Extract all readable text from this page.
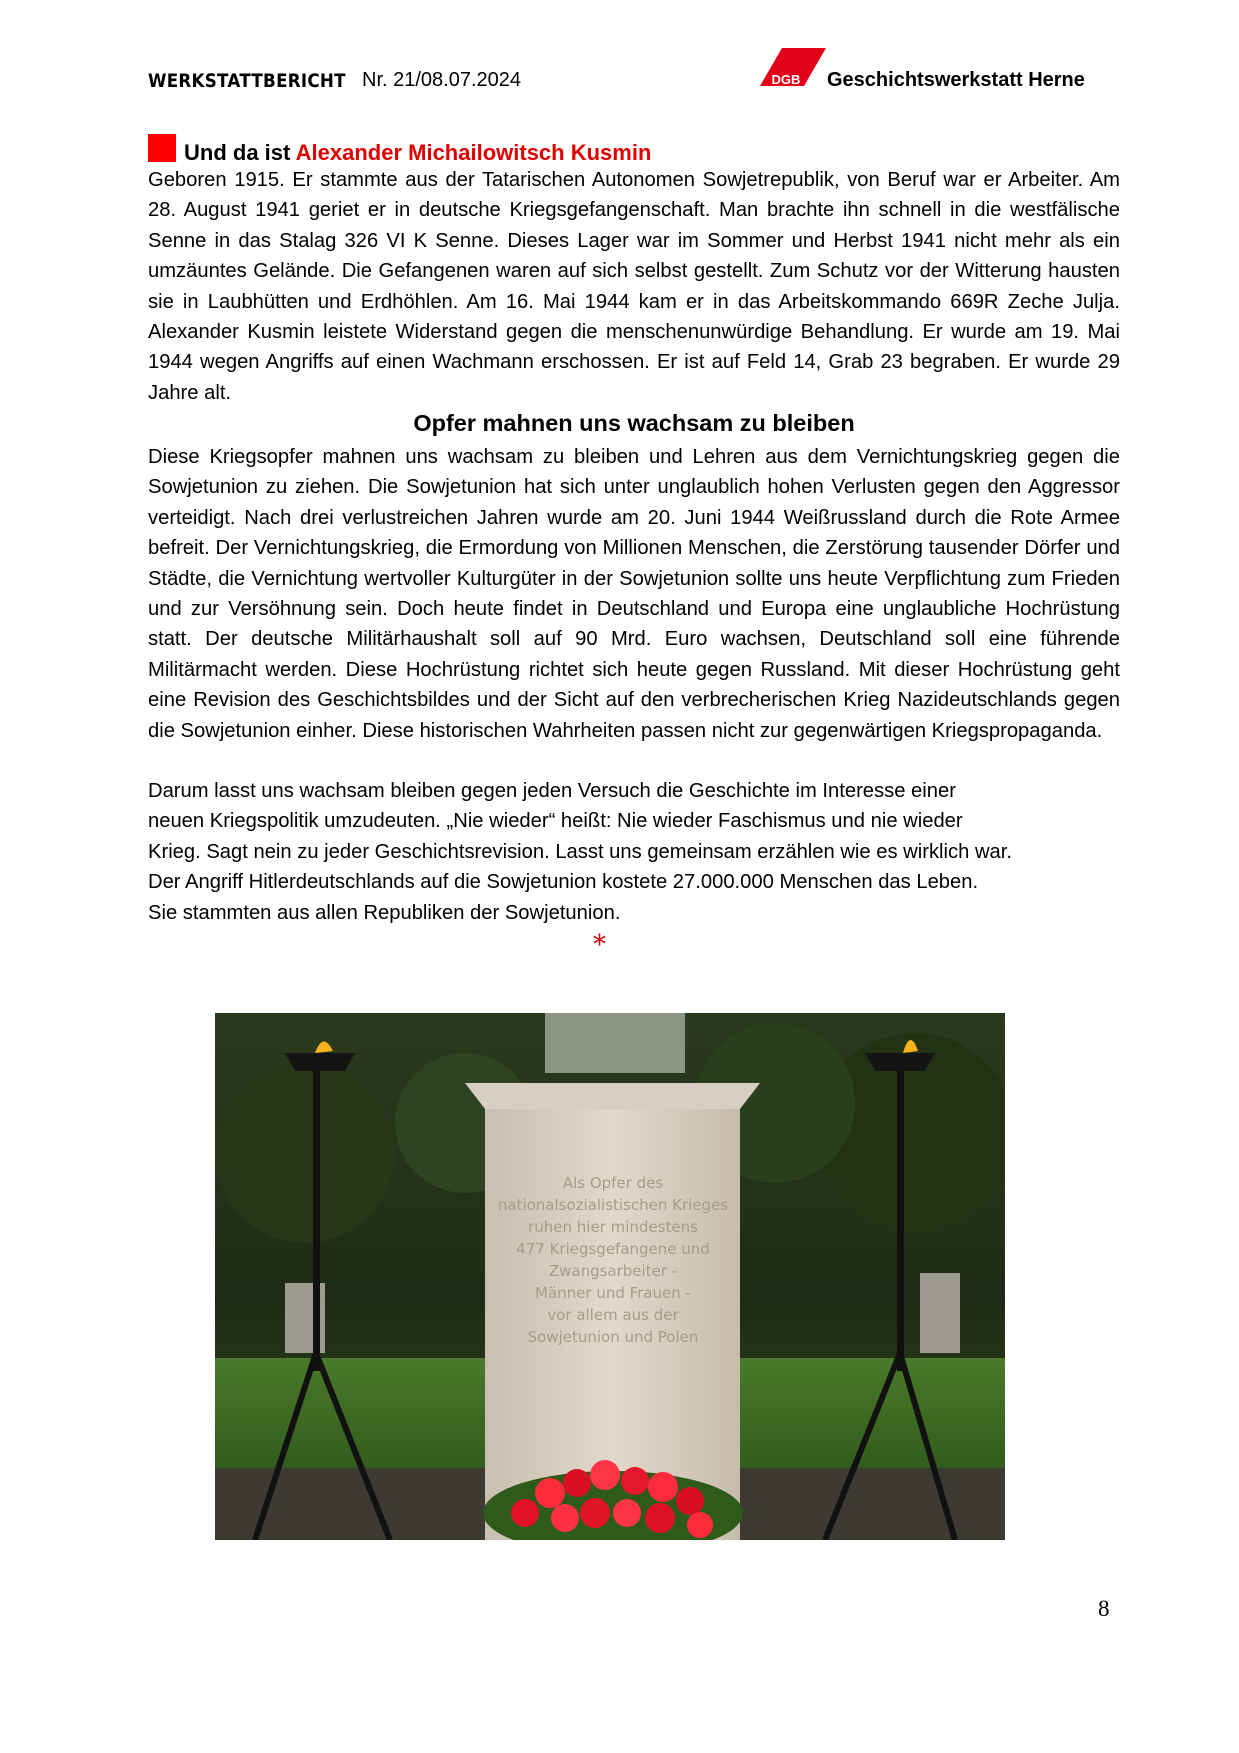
WERKSTATTBERICHT Nr. 21/08.07.2024	DGB Geschichtswerkstatt Herne
Und da ist Alexander Michailowitsch Kusmin
Geboren 1915. Er stammte aus der Tatarischen Autonomen Sowjetrepublik, von Beruf war er Arbeiter. Am 28. August 1941 geriet er in deutsche Kriegsgefangenschaft. Man brachte ihn schnell in die westfälische Senne in das Stalag 326 VI K Senne. Dieses Lager war im Sommer und Herbst 1941 nicht mehr als ein umzäuntes Gelände. Die Gefangenen waren auf sich selbst gestellt. Zum Schutz vor der Witterung hausten sie in Laubhütten und Erdhöhlen. Am 16. Mai 1944 kam er in das Arbeitskommando 669R Zeche Julja. Alexander Kusmin leistete Widerstand gegen die menschenunwürdige Behandlung. Er wurde am 19. Mai 1944 wegen Angriffs auf einen Wachmann erschossen. Er ist auf Feld 14, Grab 23 begraben. Er wurde 29 Jahre alt.
Opfer mahnen uns wachsam zu bleiben
Diese Kriegsopfer mahnen uns wachsam zu bleiben und Lehren aus dem Vernichtungskrieg gegen die Sowjetunion zu ziehen. Die Sowjetunion hat sich unter unglaublich hohen Verlusten gegen den Aggressor verteidigt. Nach drei verlustreichen Jahren wurde am 20. Juni 1944 Weißrussland durch die Rote Armee befreit. Der Vernichtungskrieg, die Ermordung von Millionen Menschen, die Zerstörung tausender Dörfer und Städte, die Vernichtung wertvoller Kulturgüter in der Sowjetunion sollte uns heute Verpflichtung zum Frieden und zur Versöhnung sein. Doch heute findet in Deutschland und Europa eine unglaubliche Hochrüstung statt. Der deutsche Militärhaushalt soll auf 90 Mrd. Euro wachsen, Deutschland soll eine führende Militärmacht werden. Diese Hochrüstung richtet sich heute gegen Russland. Mit dieser Hochrüstung geht eine Revision des Geschichtsbildes und der Sicht auf den verbrecherischen Krieg Nazideutschlands gegen die Sowjetunion einher. Diese historischen Wahrheiten passen nicht zur gegenwärtigen Kriegspropaganda.
Darum lasst uns wachsam bleiben gegen jeden Versuch die Geschichte im Interesse einer
neuen Kriegspolitik umzudeuten. „Nie wieder“ heißt: Nie wieder Faschismus und nie wieder
Krieg. Sagt nein zu jeder Geschichtsrevision. Lasst uns gemeinsam erzählen wie es wirklich war.
Der Angriff Hitlerdeutschlands auf die Sowjetunion kostete 27.000.000 Menschen das Leben.
Sie stammten aus allen Republiken der Sowjetunion.
*
Als Opfer des
nationalsozialistischen Krieges
ruhen hier mindestens
477 Kriegsgefangene und
Zwangsarbeiter -
Männer und Frauen -
vor allem aus der
Sowjetunion und Polen
8
